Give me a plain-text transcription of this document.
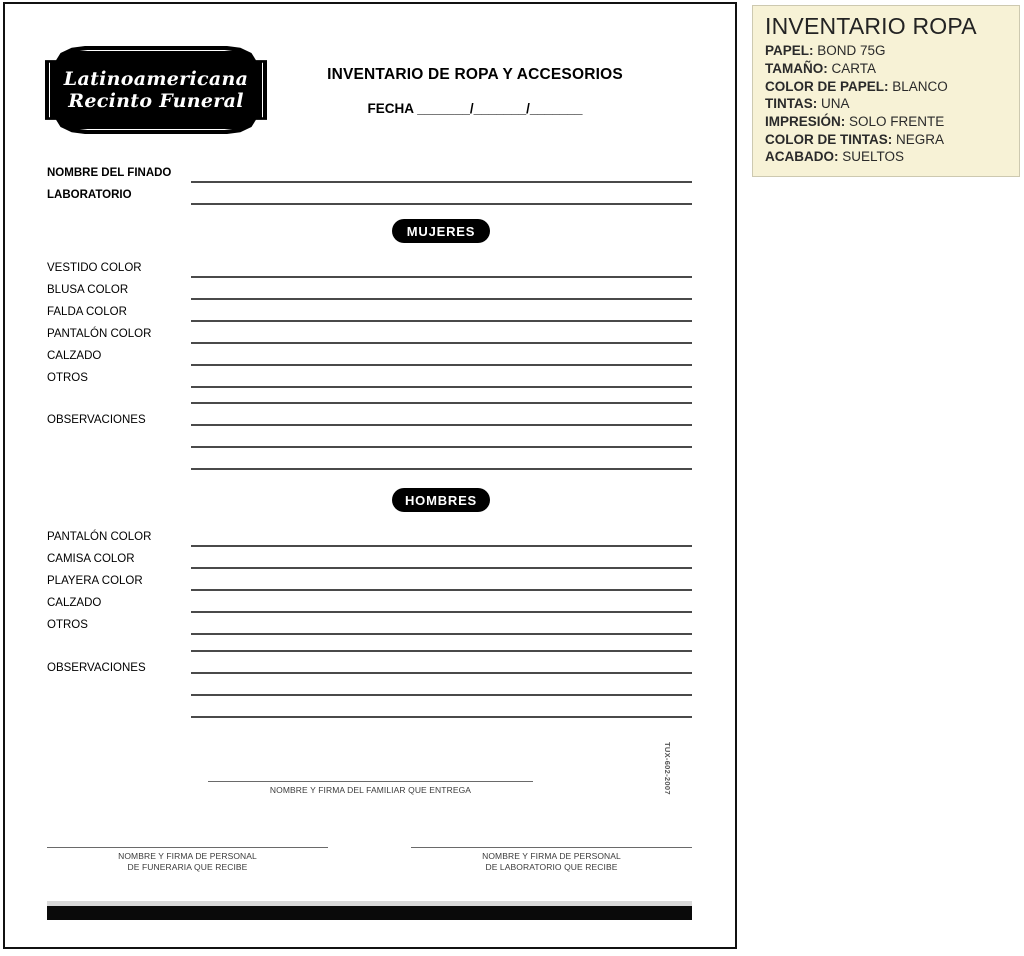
Latinoamericana
Recinto Funeral
INVENTARIO DE ROPA Y ACCESORIOS
FECHA _______/_______/_______
NOMBRE DEL FINADO
LABORATORIO
MUJERES
VESTIDO COLOR
BLUSA COLOR
FALDA COLOR
PANTALÓN COLOR
CALZADO
OTROS
OBSERVACIONES
HOMBRES
PANTALÓN COLOR
CAMISA COLOR
PLAYERA COLOR
CALZADO
OTROS
OBSERVACIONES
TUX-602-2007
NOMBRE Y FIRMA DEL FAMILIAR QUE ENTREGA
NOMBRE Y FIRMA DE PERSONAL
DE FUNERARIA QUE RECIBE
NOMBRE Y FIRMA DE PERSONAL
DE LABORATORIO QUE RECIBE
INVENTARIO ROPA
PAPEL: BOND 75G
TAMAÑO: CARTA
COLOR DE PAPEL: BLANCO
TINTAS: UNA
IMPRESIÓN: SOLO FRENTE
COLOR DE TINTAS: NEGRA
ACABADO: SUELTOS
